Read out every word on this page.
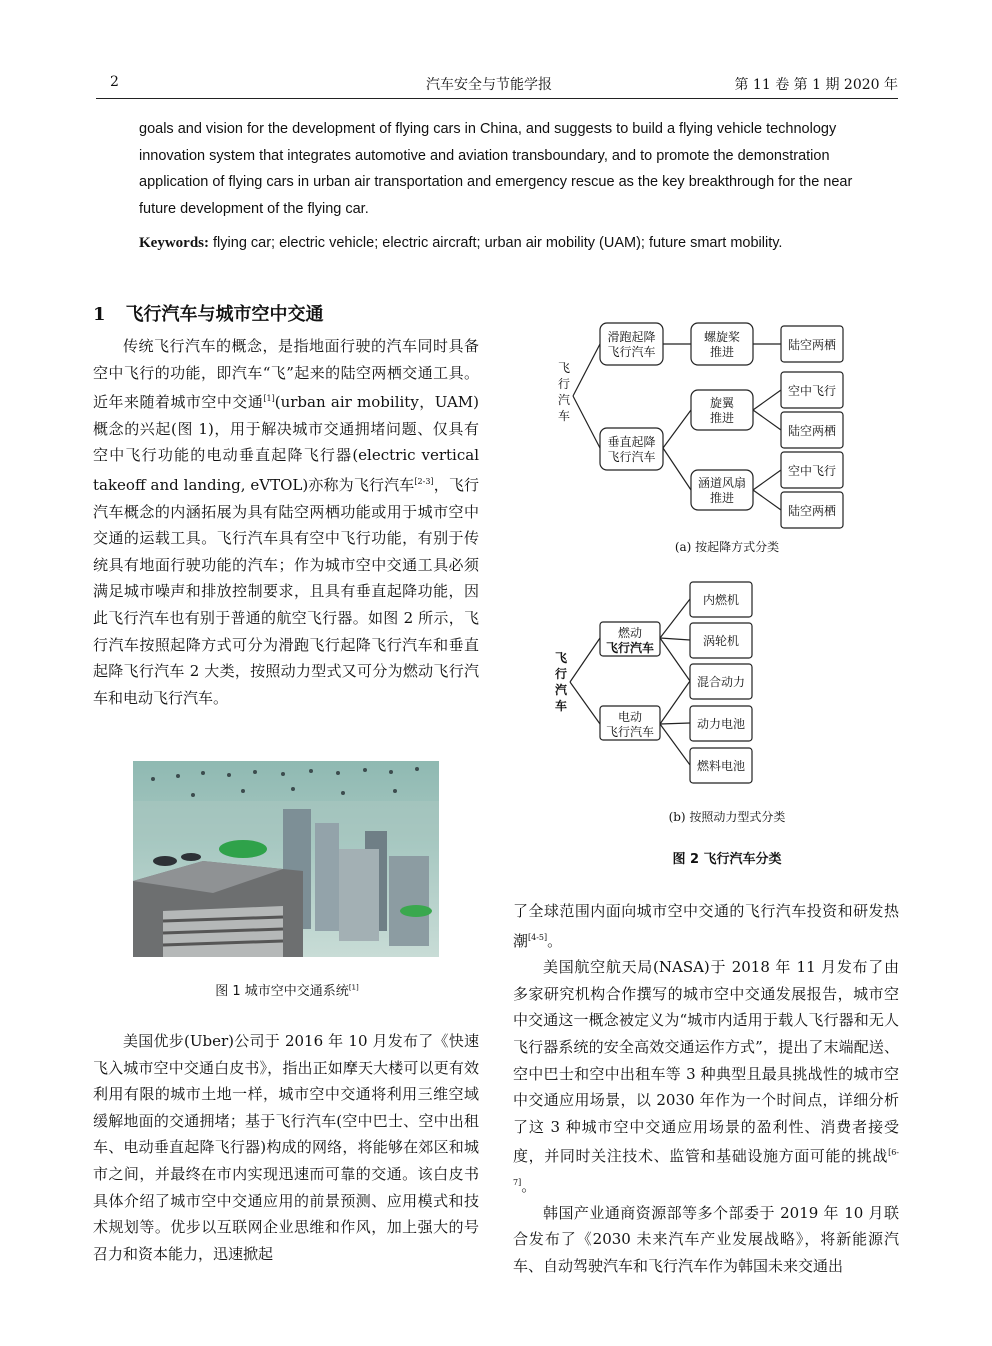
2	汽车安全与节能学报	第 11 卷 第 1 期 2020 年

goals and vision for the development of flying cars in China, and suggests to build a flying vehicle technology

innovation system that integrates automotive and aviation transboundary, and to promote the demonstration

application of flying cars in urban air transportation and emergency rescue as the key breakthrough for the near

future development of the flying car.

Keywords: flying car; electric vehicle; electric aircraft; urban air mobility (UAM); future smart mobility.

1 飞行汽车与城市空中交通

传统飞行汽车的概念，是指地面行驶的汽车同时具备空中飞行的功能，即汽车“飞”起来的陆空两栖交通工具。近年来随着城市空中交通[1](urban air mobility，UAM)概念的兴起(图 1)，用于解决城市交通拥堵问题、仅具有空中飞行功能的电动垂直起降飞行器(electric vertical takeoff and landing, eVTOL)亦称为飞行汽车[2-3]，飞行汽车概念的内涵拓展为具有陆空两栖功能或用于城市空中交通的运载工具。飞行汽车具有空中飞行功能，有别于传统具有地面行驶功能的汽车；作为城市空中交通工具必须满足城市噪声和排放控制要求，且具有垂直起降功能，因此飞行汽车也有别于普通的航空飞行器。如图 2 所示，飞行汽车按照起降方式可分为滑跑飞行起降飞行汽车和垂直起降飞行汽车 2 大类，按照动力型式又可分为燃动飞行汽车和电动飞行汽车。

图 1 城市空中交通系统[1]

美国优步(Uber)公司于 2016 年 10 月发布了《快速飞入城市空中交通白皮书》，指出正如摩天大楼可以更有效利用有限的城市土地一样，城市空中交通将利用三维空域缓解地面的交通拥堵；基于飞行汽车(空中巴士、空中出租车、电动垂直起降飞行器)构成的网络，将能够在郊区和城市之间，并最终在市内实现迅速而可靠的交通。该白皮书具体介绍了城市空中交通应用的前景预测、应用模式和技术规划等。优步以互联网企业思维和作风，加上强大的号召力和资本能力，迅速掀起

飞
行
汽
车
滑跑起降
飞行汽车
垂直起降
飞行汽车
螺旋桨
推进
旋翼
推进
涵道风扇
推进
陆空两栖
空中飞行
陆空两栖
空中飞行
陆空两栖
(a) 按起降方式分类
飞
行
汽
车
燃动
飞行汽车
电动
飞行汽车
内燃机
涡轮机
混合动力
动力电池
燃料电池
(b) 按照动力型式分类
图 2 飞行汽车分类

了全球范围内面向城市空中交通的飞行汽车投资和研发热潮[4-5]。

美国航空航天局(NASA)于 2018 年 11 月发布了由多家研究机构合作撰写的城市空中交通发展报告，城市空中交通这一概念被定义为“城市内适用于载人飞行器和无人飞行器系统的安全高效交通运作方式”，提出了末端配送、空中巴士和空中出租车等 3 种典型且最具挑战性的城市空中交通应用场景，以 2030 年作为一个时间点，详细分析了这 3 种城市空中交通应用场景的盈利性、消费者接受度，并同时关注技术、监管和基础设施方面可能的挑战[6-7]。

韩国产业通商资源部等多个部委于 2019 年 10 月联合发布了《2030 未来汽车产业发展战略》，将新能源汽车、自动驾驶汽车和飞行汽车作为韩国未来交通出
